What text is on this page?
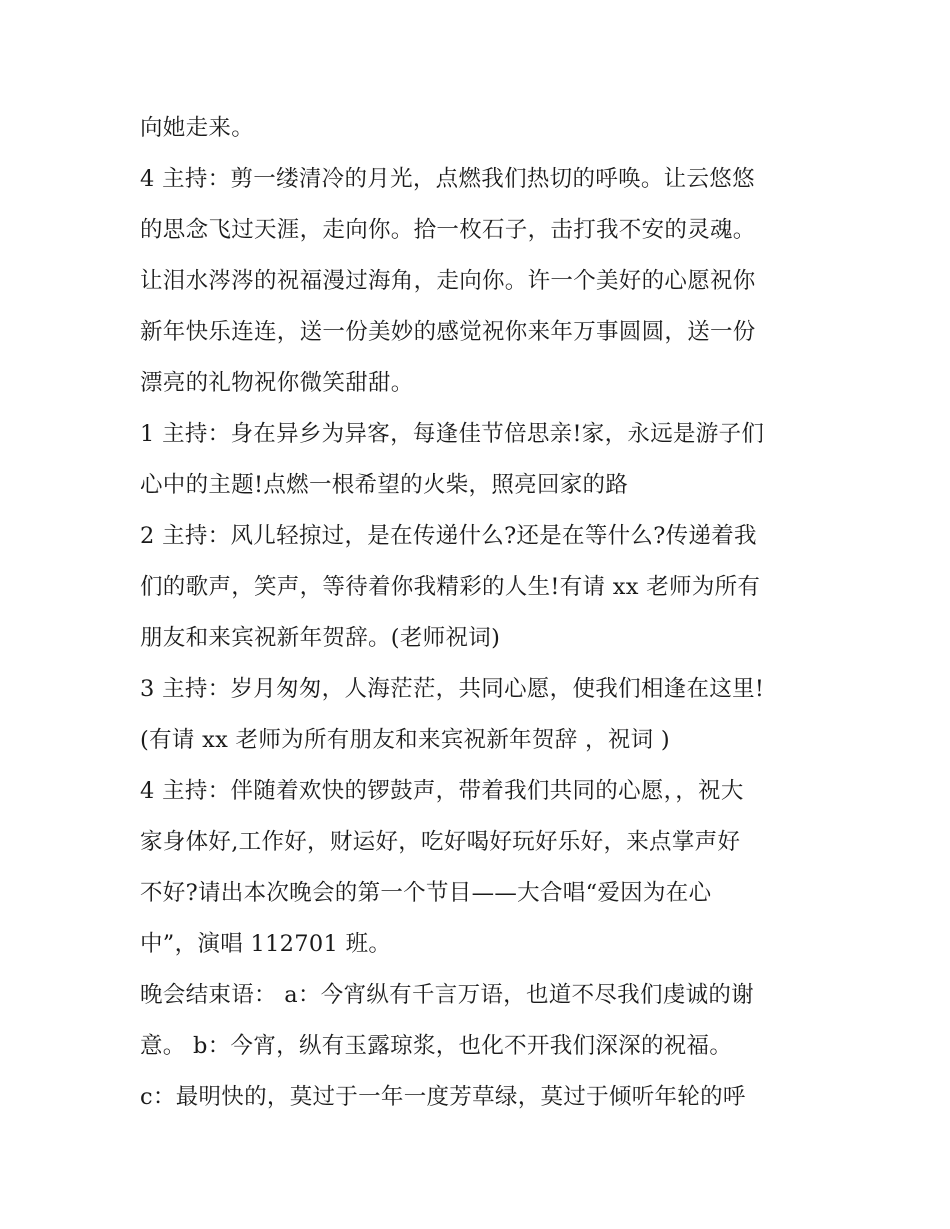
向她走来。
4 主持：剪一缕清冷的月光，点燃我们热切的呼唤。让云悠悠
的思念飞过天涯，走向你。拾一枚石子，击打我不安的灵魂。
让泪水涔涔的祝福漫过海角，走向你。许一个美好的心愿祝你
新年快乐连连，送一份美妙的感觉祝你来年万事圆圆，送一份
漂亮的礼物祝你微笑甜甜。
1 主持：身在异乡为异客，每逢佳节倍思亲!家，永远是游子们
心中的主题!点燃一根希望的火柴，照亮回家的路
2 主持：风儿轻掠过，是在传递什么?还是在等什么?传递着我
们的歌声，笑声，等待着你我精彩的人生!有请 xx 老师为所有
朋友和来宾祝新年贺辞。(老师祝词)
3 主持：岁月匆匆，人海茫茫，共同心愿，使我们相逢在这里!
(有请 xx 老师为所有朋友和来宾祝新年贺辞 ，祝词 )
4 主持：伴随着欢快的锣鼓声，带着我们共同的心愿，，祝大
家身体好,工作好，财运好，吃好喝好玩好乐好，来点掌声好
不好?请出本次晚会的第一个节目——大合唱“爱因为在心
中”，演唱 112701 班。
晚会结束语： a：今宵纵有千言万语，也道不尽我们虔诚的谢
意。 b：今宵，纵有玉露琼浆，也化不开我们深深的祝福。
c：最明快的，莫过于一年一度芳草绿，莫过于倾听年轮的呼
